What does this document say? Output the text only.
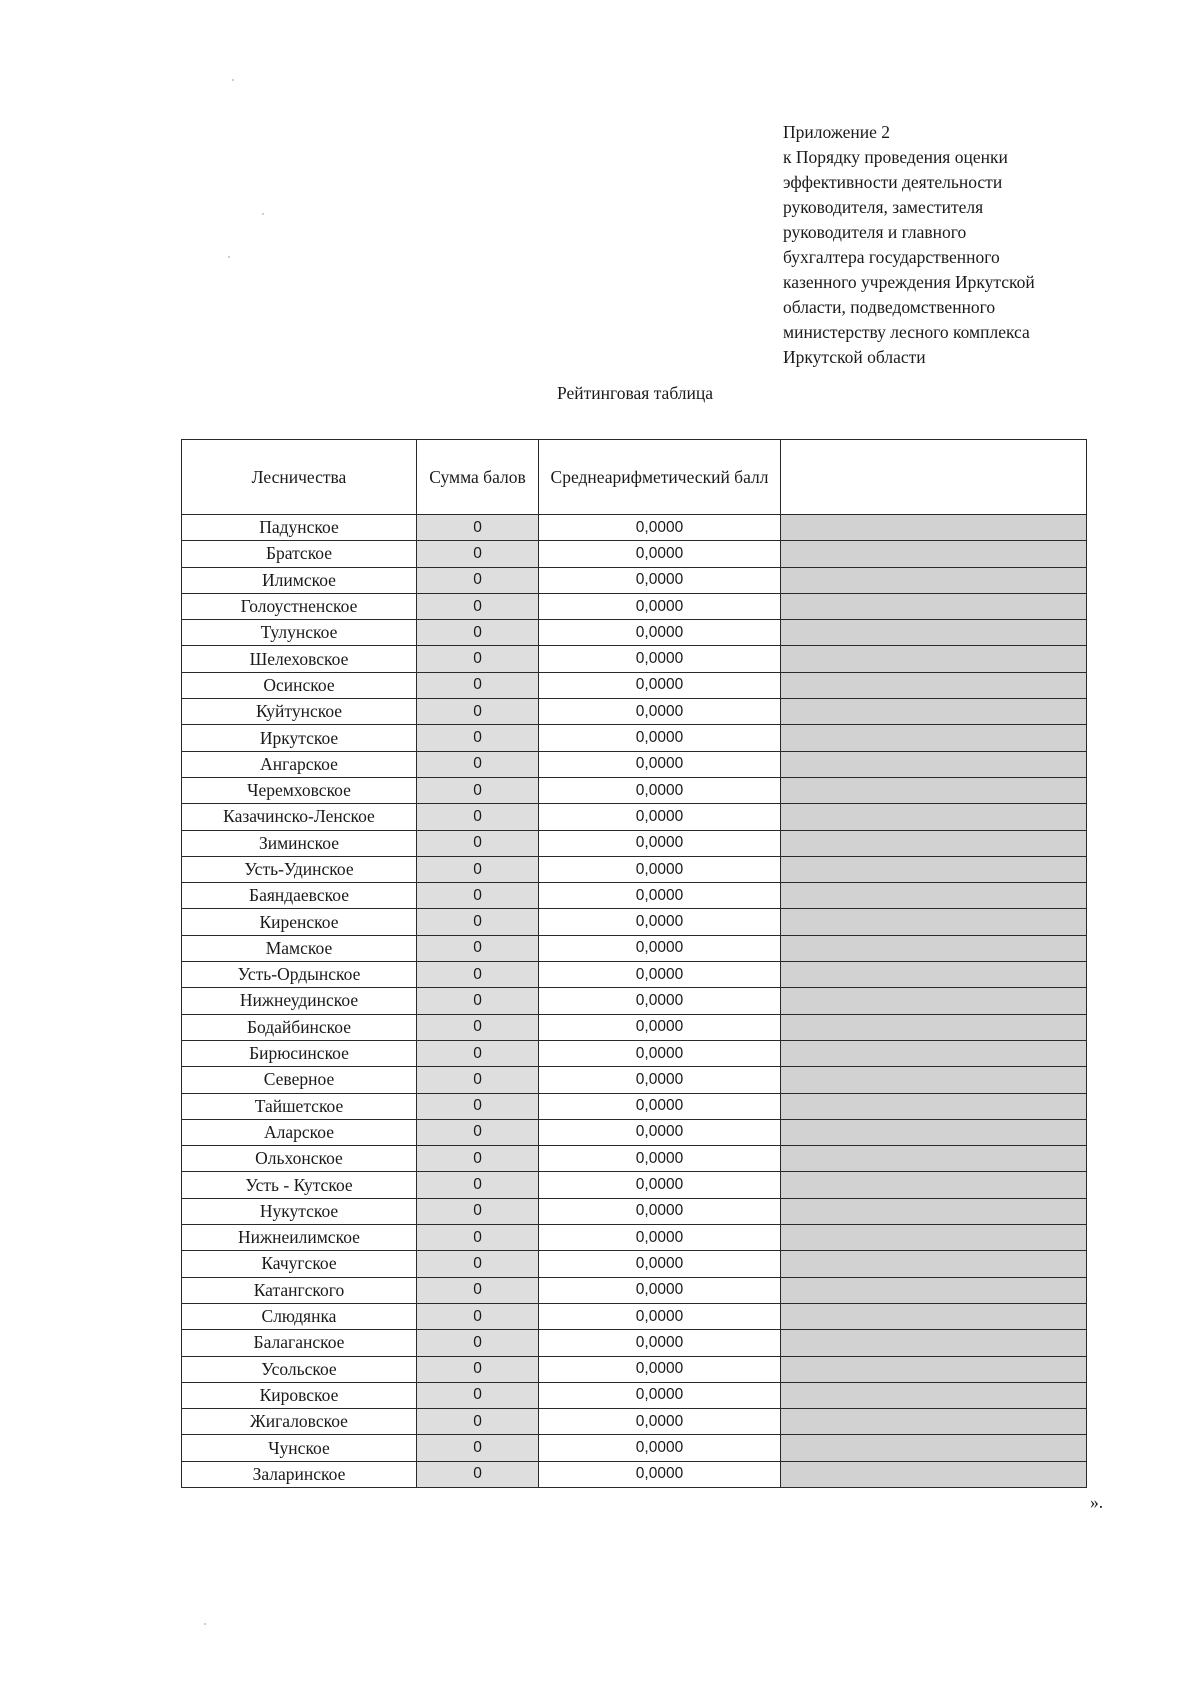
Приложение 2
к Порядку проведения оценки
эффективности деятельности
руководителя, заместителя
руководителя и главного
бухгалтера государственного
казенного учреждения Иркутской
области, подведомственного
министерству лесного комплекса
Иркутской области
Рейтинговая таблица
Лесничества	Сумма балов	Среднеарифметический балл	
Падунское	0	0,0000	
Братское	0	0,0000	
Илимское	0	0,0000	
Голоустненское	0	0,0000	
Тулунское	0	0,0000	
Шелеховское	0	0,0000	
Осинское	0	0,0000	
Куйтунское	0	0,0000	
Иркутское	0	0,0000	
Ангарское	0	0,0000	
Черемховское	0	0,0000	
Казачинско-Ленское	0	0,0000	
Зиминское	0	0,0000	
Усть-Удинское	0	0,0000	
Баяндаевское	0	0,0000	
Киренское	0	0,0000	
Мамское	0	0,0000	
Усть-Ордынское	0	0,0000	
Нижнеудинское	0	0,0000	
Бодайбинское	0	0,0000	
Бирюсинское	0	0,0000	
Северное	0	0,0000	
Тайшетское	0	0,0000	
Аларское	0	0,0000	
Ольхонское	0	0,0000	
Усть - Кутское	0	0,0000	
Нукутское	0	0,0000	
Нижнеилимское	0	0,0000	
Качугское	0	0,0000	
Катангского	0	0,0000	
Слюдянка	0	0,0000	
Балаганское	0	0,0000	
Усольское	0	0,0000	
Кировское	0	0,0000	
Жигаловское	0	0,0000	
Чунское	0	0,0000	
Заларинское	0	0,0000	
».
